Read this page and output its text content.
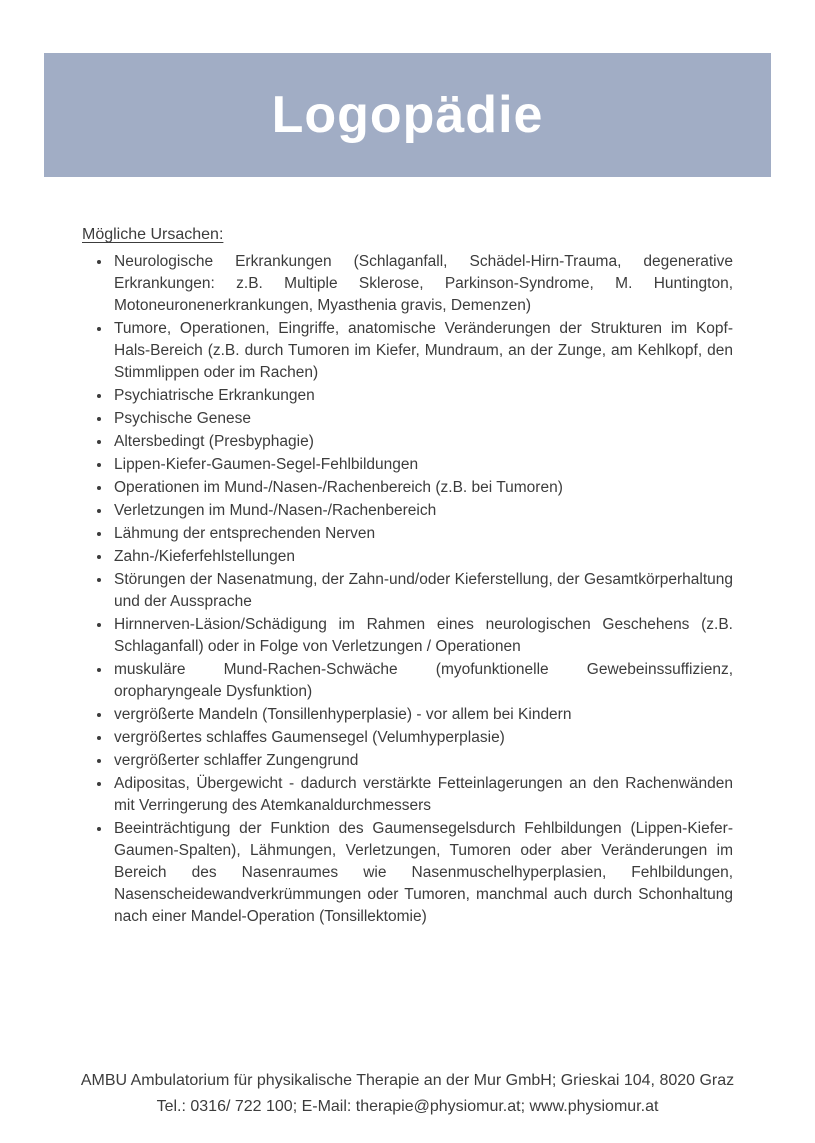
Logopädie

Mögliche Ursachen:

• Neurologische Erkrankungen (Schlaganfall, Schädel-Hirn-Trauma, degenerative Erkrankungen: z.B. Multiple Sklerose, Parkinson-Syndrome, M. Huntington, Motoneuronenerkrankungen, Myasthenia gravis, Demenzen)
• Tumore, Operationen, Eingriffe, anatomische Veränderungen der Strukturen im Kopf-Hals-Bereich (z.B. durch Tumoren im Kiefer, Mundraum, an der Zunge, am Kehlkopf, den Stimmlippen oder im Rachen)
• Psychiatrische Erkrankungen
• Psychische Genese
• Altersbedingt (Presbyphagie)
• Lippen-Kiefer-Gaumen-Segel-Fehlbildungen
• Operationen im Mund-/Nasen-/Rachenbereich (z.B. bei Tumoren)
• Verletzungen im Mund-/Nasen-/Rachenbereich
• Lähmung der entsprechenden Nerven
• Zahn-/Kieferfehlstellungen
• Störungen der Nasenatmung, der Zahn-und/oder Kieferstellung, der Gesamtkörperhaltung und der Aussprache
• Hirnnerven-Läsion/Schädigung im Rahmen eines neurologischen Geschehens (z.B. Schlaganfall) oder in Folge von Verletzungen / Operationen
• muskuläre Mund-Rachen-Schwäche (myofunktionelle Gewebeinssuffizienz, oropharyngeale Dysfunktion)
• vergrößerte Mandeln (Tonsillenhyperplasie) - vor allem bei Kindern
• vergrößertes schlaffes Gaumensegel (Velumhyperplasie)
• vergrößerter schlaffer Zungengrund
• Adipositas, Übergewicht - dadurch verstärkte Fetteinlagerungen an den Rachenwänden mit Verringerung des Atemkanaldurchmessers
• Beeinträchtigung der Funktion des Gaumensegelsdurch Fehlbildungen (Lippen-Kiefer-Gaumen-Spalten), Lähmungen, Verletzungen, Tumoren oder aber Veränderungen im Bereich des Nasenraumes wie Nasenmuschelhyperplasien, Fehlbildungen, Nasenscheidewandverkrümmungen oder Tumoren, manchmal auch durch Schonhaltung nach einer Mandel-Operation (Tonsillektomie)
AMBU Ambulatorium für physikalische Therapie an der Mur GmbH; Grieskai 104, 8020 Graz
Tel.: 0316/ 722 100; E-Mail: therapie@physiomur.at; www.physiomur.at
